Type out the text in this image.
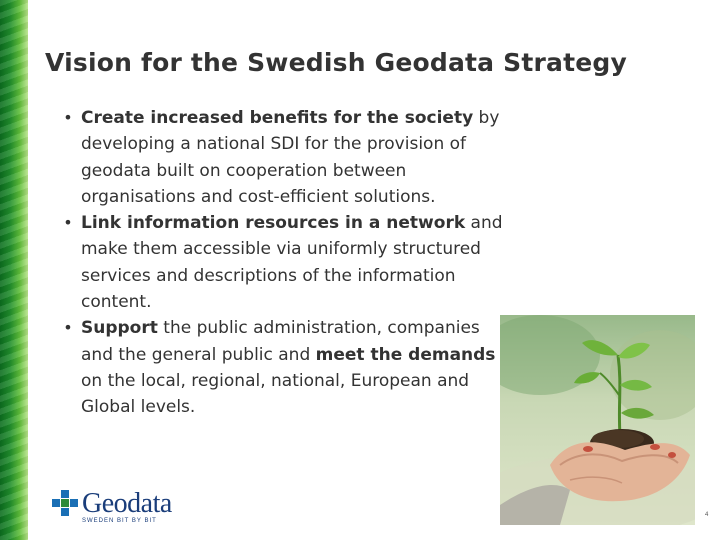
Vision for the Swedish Geodata Strategy
• Create increased benefits for the society by developing a national SDI for the provision of geodata built on cooperation between organisations and cost-efficient solutions.
• Link information resources in a network and make them accessible via uniformly structured services and descriptions of the information content.
• Support the public administration, companies and the general public and meet the demands on the local, regional, national, European and Global levels.
Geodata
SWEDEN BIT BY BIT
4
